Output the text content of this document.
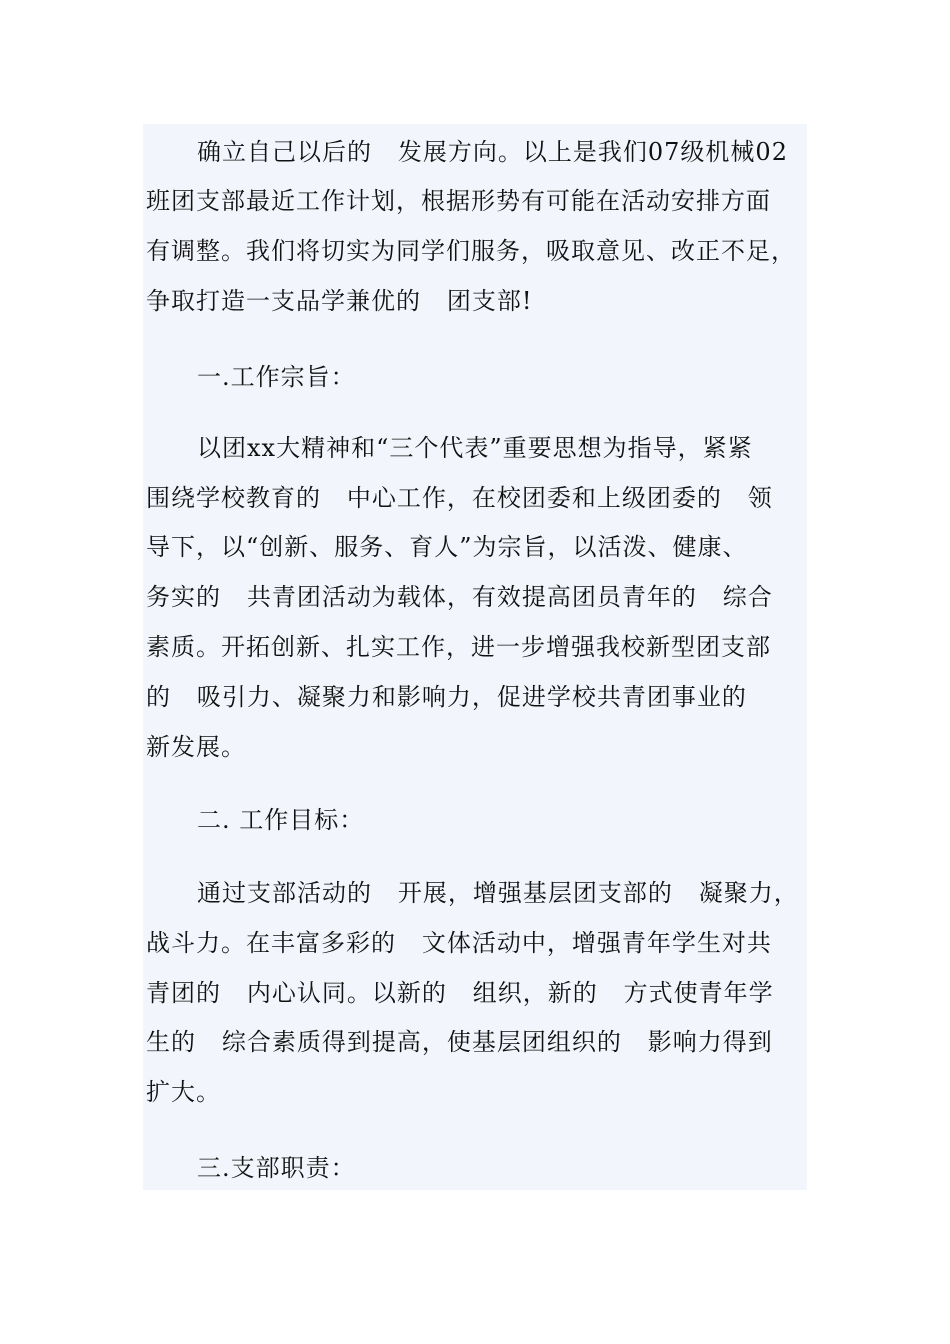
确立自己以后的   发展方向。以上是我们07级机械02
班团支部最近工作计划，根据形势有可能在活动安排方面
有调整。我们将切实为同学们服务，吸取意见、改正不足，
争取打造一支品学兼优的   团支部!
一.工作宗旨：
以团xx大精神和“三个代表”重要思想为指导，紧紧
围绕学校教育的   中心工作，在校团委和上级团委的   领
导下，以“创新、服务、育人”为宗旨，以活泼、健康、
务实的   共青团活动为载体，有效提高团员青年的   综合
素质。开拓创新、扎实工作，进一步增强我校新型团支部
的   吸引力、凝聚力和影响力，促进学校共青团事业的
新发展。
二. 工作目标：
通过支部活动的   开展，增强基层团支部的   凝聚力，
战斗力。在丰富多彩的   文体活动中，增强青年学生对共
青团的   内心认同。以新的   组织，新的   方式使青年学
生的   综合素质得到提高，使基层团组织的   影响力得到
扩大。
三.支部职责：
